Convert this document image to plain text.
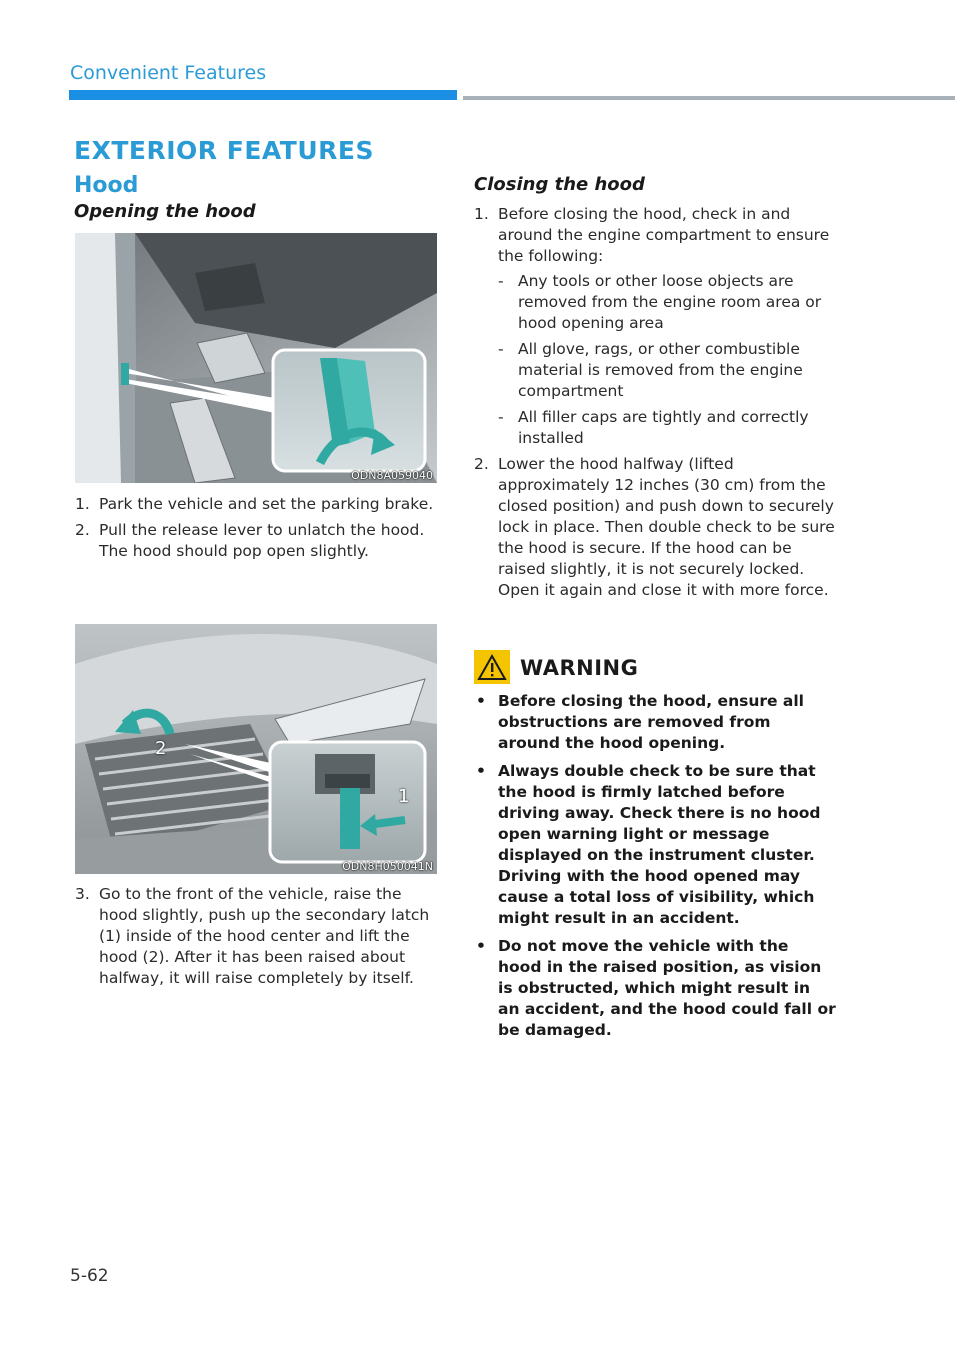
Convenient Features
EXTERIOR FEATURES
Hood
Opening the hood
ODN8A059040
1. Park the vehicle and set the parking brake.
2. Pull the release lever to unlatch the hood. The hood should pop open slightly.
1
2
ODN8H050041N
3. Go to the front of the vehicle, raise the hood slightly, push up the secondary latch (1) inside of the hood center and lift the hood (2). After it has been raised about halfway, it will raise completely by itself.
Closing the hood
1. Before closing the hood, check in and around the engine compartment to ensure the following:
- Any tools or other loose objects are removed from the engine room area or hood opening area
- All glove, rags, or other combustible material is removed from the engine compartment
- All filler caps are tightly and correctly installed
2. Lower the hood halfway (lifted approximately 12 inches (30 cm) from the closed position) and push down to securely lock in place. Then double check to be sure the hood is secure. If the hood can be raised slightly, it is not securely locked. Open it again and close it with more force.
WARNING
• Before closing the hood, ensure all obstructions are removed from around the hood opening.
• Always double check to be sure that the hood is firmly latched before driving away. Check there is no hood open warning light or message displayed on the instrument cluster. Driving with the hood opened may cause a total loss of visibility, which might result in an accident.
• Do not move the vehicle with the hood in the raised position, as vision is obstructed, which might result in an accident, and the hood could fall or be damaged.
5-62
